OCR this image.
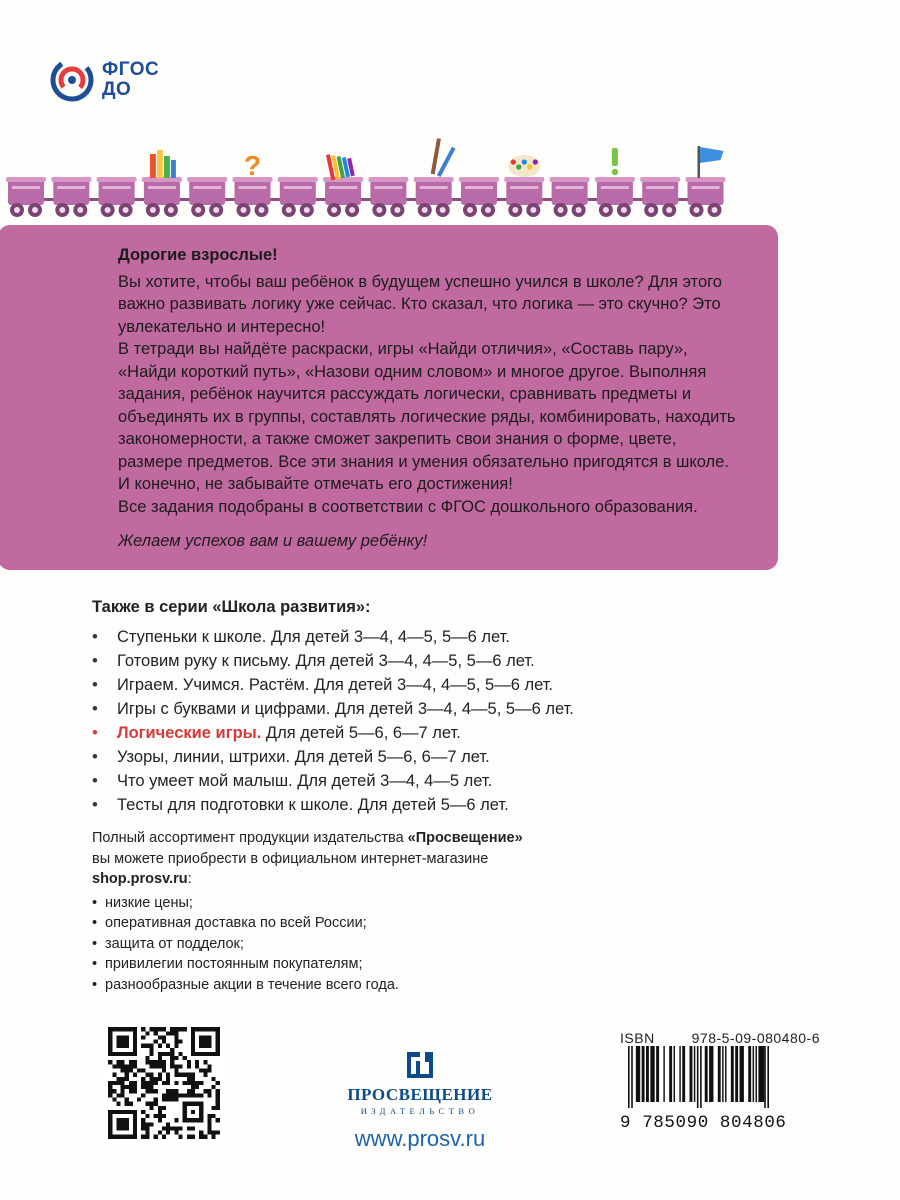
ФГОС
ДО
?

Дорогие взрослые!

Вы хотите, чтобы ваш ребёнок в будущем успешно учился в школе? Для этого важно развивать логику уже сейчас. Кто сказал, что логика — это скучно? Это увлекательно и интересно!

В тетради вы найдёте раскраски, игры «Найди отличия», «Составь пару», «Найди короткий путь», «Назови одним словом» и многое другое. Выполняя задания, ребёнок научится рассуждать логически, сравнивать предметы и объединять их в группы, составлять логические ряды, комбинировать, находить закономерности, а также сможет закрепить свои знания о форме, цвете, размере предметов. Все эти знания и умения обязательно пригодятся в школе. И конечно, не забывайте отмечать его достижения!

Все задания подобраны в соответствии с ФГОС дошкольного образования.

Желаем успехов вам и вашему ребёнку!

Также в серии «Школа развития»:
• Ступеньки к школе. Для детей 3—4, 4—5, 5—6 лет.
• Готовим руку к письму. Для детей 3—4, 4—5, 5—6 лет.
• Играем. Учимся. Растём. Для детей 3—4, 4—5, 5—6 лет.
• Игры с буквами и цифрами. Для детей 3—4, 4—5, 5—6 лет.
• Логические игры. Для детей 5—6, 6—7 лет.
• Узоры, линии, штрихи. Для детей 5—6, 6—7 лет.
• Что умеет мой малыш. Для детей 3—4, 4—5 лет.
• Тесты для подготовки к школе. Для детей 5—6 лет.

Полный ассортимент продукции издательства «Просвещение»

вы можете приобрести в официальном интернет-магазине

shop.prosv.ru:

• низкие цены;
• оперативная доставка по всей России;
• защита от подделок;
• привилегии постоянным покупателям;
• разнообразные акции в течение всего года.
ПРОСВЕЩЕНИЕ
ИЗДАТЕЛЬСТВО
www.prosv.ru
ISBN	978-5-09-080480-6
9 785090 804806
